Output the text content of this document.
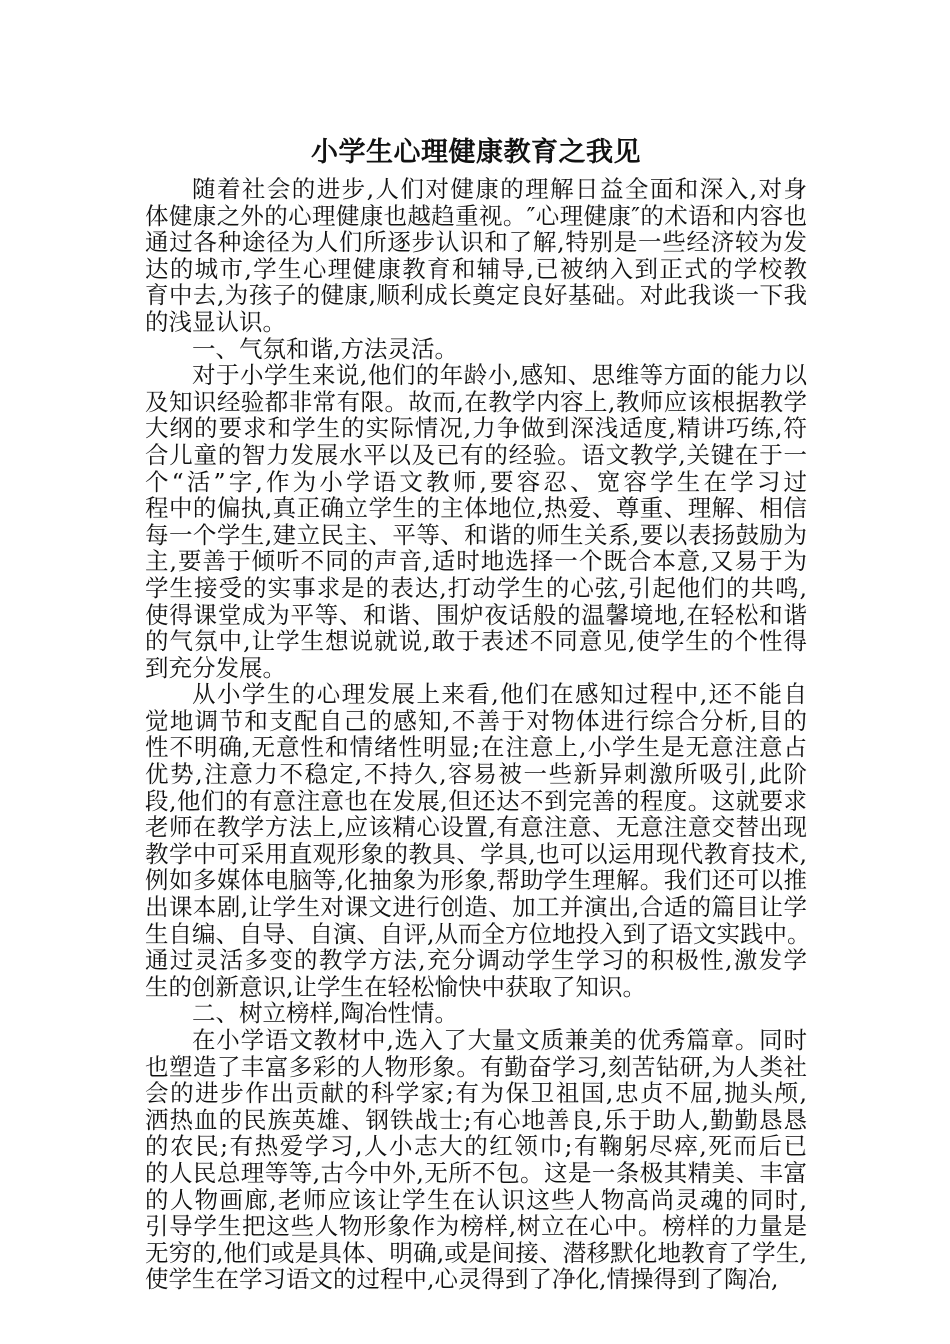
小学生心理健康教育之我见
随着社会的进步,人们对健康的理解日益全面和深入,对身
体健康之外的心理健康也越趋重视。″心理健康″的术语和内容也
通过各种途径为人们所逐步认识和了解,特别是一些经济较为发
达的城市,学生心理健康教育和辅导,已被纳入到正式的学校教
育中去,为孩子的健康,顺利成长奠定良好基础。对此我谈一下我
的浅显认识。
一、气氛和谐,方法灵活。
对于小学生来说,他们的年龄小,感知、思维等方面的能力以
及知识经验都非常有限。故而,在教学内容上,教师应该根据教学
大纲的要求和学生的实际情况,力争做到深浅适度,精讲巧练,符
合儿童的智力发展水平以及已有的经验。语文教学,关键在于一
个“活”字,作为小学语文教师,要容忍、宽容学生在学习过
程中的偏执,真正确立学生的主体地位,热爱、尊重、理解、相信
每一个学生,建立民主、平等、和谐的师生关系,要以表扬鼓励为
主,要善于倾听不同的声音,适时地选择一个既合本意,又易于为
学生接受的实事求是的表达,打动学生的心弦,引起他们的共鸣,
使得课堂成为平等、和谐、围炉夜话般的温馨境地,在轻松和谐
的气氛中,让学生想说就说,敢于表述不同意见,使学生的个性得
到充分发展。
从小学生的心理发展上来看,他们在感知过程中,还不能自
觉地调节和支配自己的感知,不善于对物体进行综合分析,目的
性不明确,无意性和情绪性明显;在注意上,小学生是无意注意占
优势,注意力不稳定,不持久,容易被一些新异刺激所吸引,此阶
段,他们的有意注意也在发展,但还达不到完善的程度。这就要求
老师在教学方法上,应该精心设置,有意注意、无意注意交替出现
教学中可采用直观形象的教具、学具,也可以运用现代教育技术,
例如多媒体电脑等,化抽象为形象,帮助学生理解。我们还可以推
出课本剧,让学生对课文进行创造、加工并演出,合适的篇目让学
生自编、自导、自演、自评,从而全方位地投入到了语文实践中。
通过灵活多变的教学方法,充分调动学生学习的积极性,激发学
生的创新意识,让学生在轻松愉快中获取了知识。
二、树立榜样,陶冶性情。
在小学语文教材中,选入了大量文质兼美的优秀篇章。同时
也塑造了丰富多彩的人物形象。有勤奋学习,刻苦钻研,为人类社
会的进步作出贡献的科学家;有为保卫祖国,忠贞不屈,抛头颅,
洒热血的民族英雄、钢铁战士;有心地善良,乐于助人,勤勤恳恳
的农民;有热爱学习,人小志大的红领巾;有鞠躬尽瘁,死而后已
的人民总理等等,古今中外,无所不包。这是一条极其精美、丰富
的人物画廊,老师应该让学生在认识这些人物高尚灵魂的同时,
引导学生把这些人物形象作为榜样,树立在心中。榜样的力量是
无穷的,他们或是具体、明确,或是间接、潜移默化地教育了学生,
使学生在学习语文的过程中,心灵得到了净化,情操得到了陶冶,
